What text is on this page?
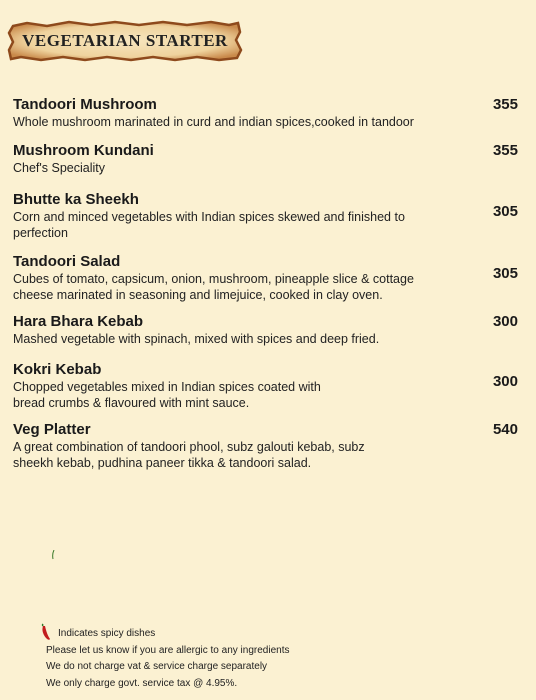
VEGETARIAN STARTER
Tandoori Mushroom
Whole mushroom marinated in curd and indian spices,cooked in tandoor
355
Mushroom Kundani
Chef's Speciality
355
Bhutte ka Sheekh
Corn and minced vegetables with Indian spices skewed and finished to perfection
305
Tandoori Salad
Cubes of tomato, capsicum, onion, mushroom, pineapple slice & cottage cheese marinated in seasoning and limejuice, cooked in clay oven.
305
Hara Bhara Kebab
Mashed vegetable with spinach, mixed with spices and deep fried.
300
Kokri Kebab
Chopped vegetables mixed in Indian spices coated with bread crumbs & flavoured with mint sauce.
300
Veg Platter
A great combination of tandoori phool, subz galouti kebab, subz sheekh kebab, pudhina paneer tikka & tandoori salad.
540
Indicates spicy dishes
Please let us know if you are allergic to any ingredients
We do not charge vat & service charge separately
We only charge govt. service tax @ 4.95%.
